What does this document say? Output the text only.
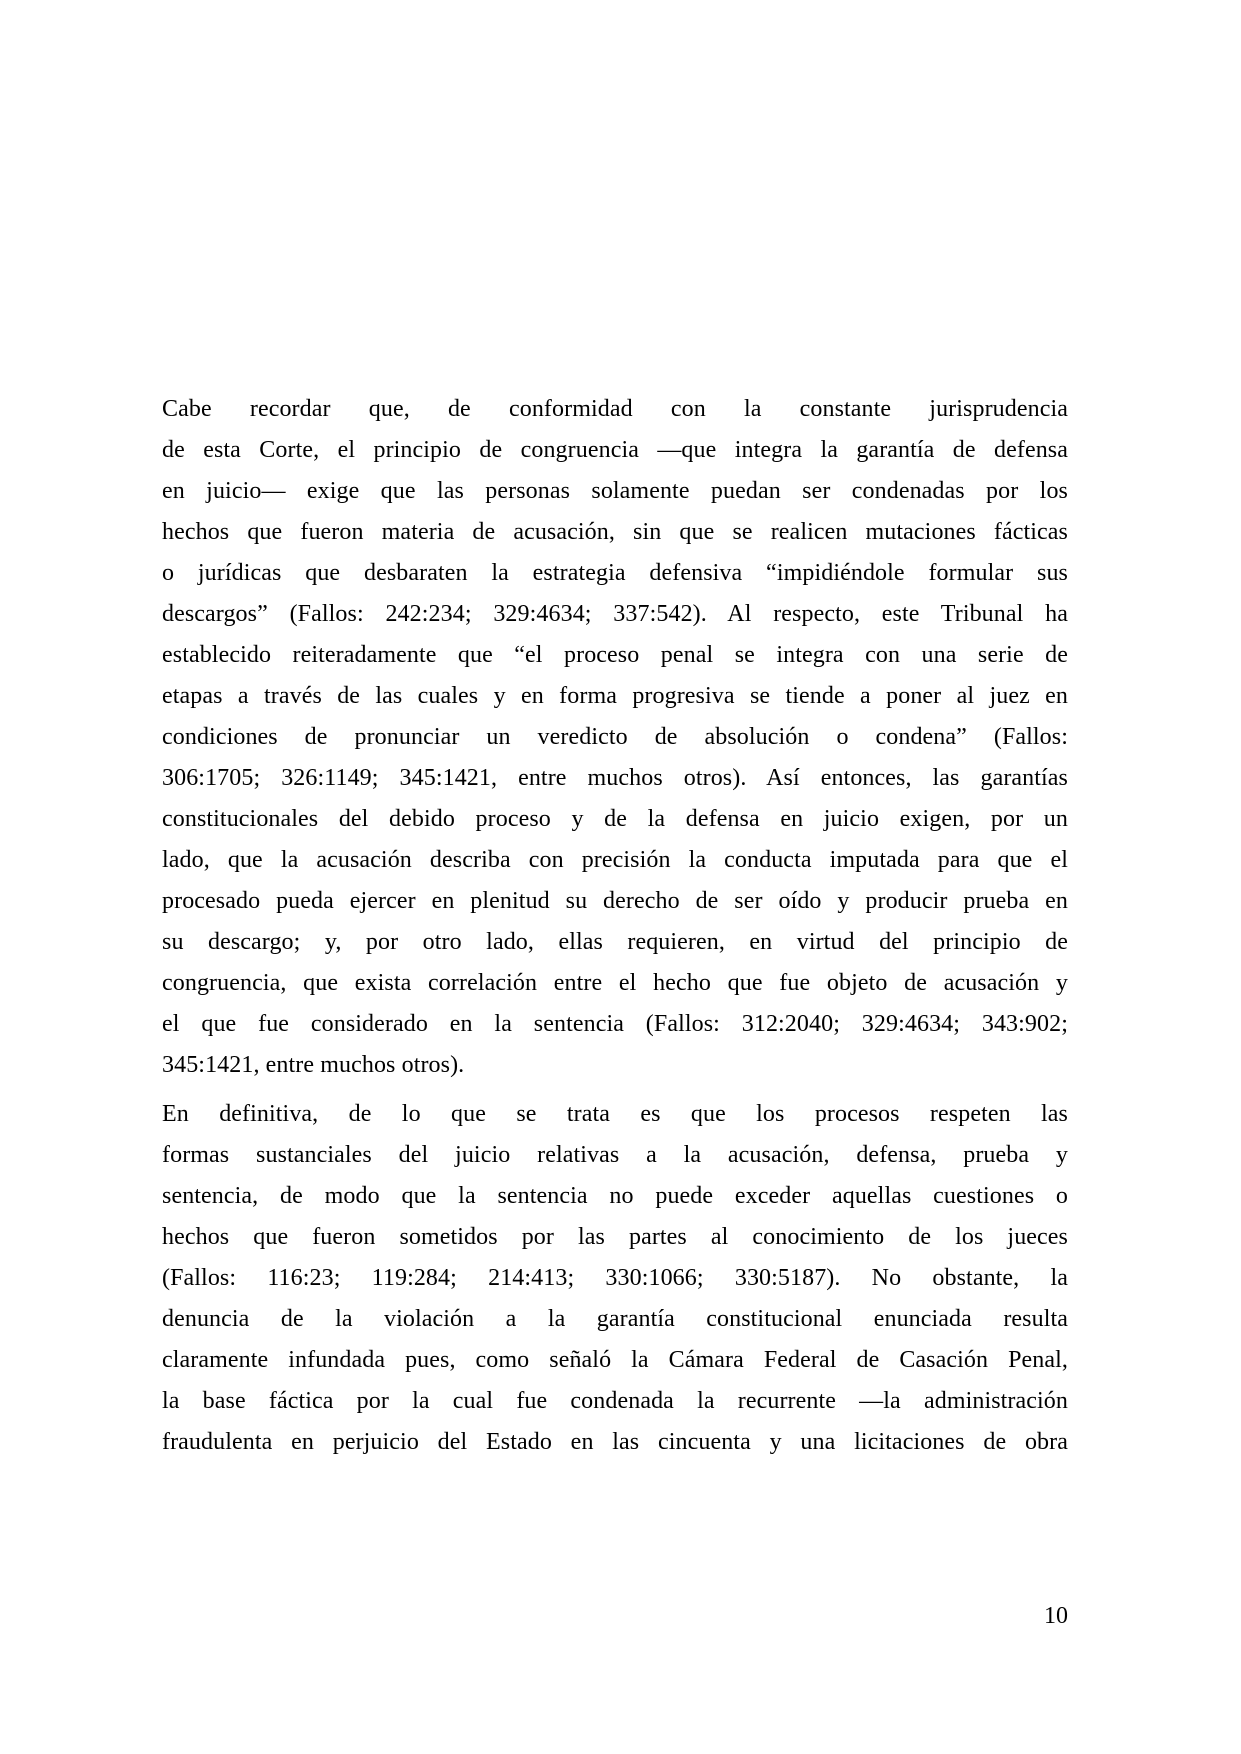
Cabe recordar que, de conformidad con la constante jurisprudencia
de esta Corte, el principio de congruencia —que integra la garantía de defensa
en juicio— exige que las personas solamente puedan ser condenadas por los
hechos que fueron materia de acusación, sin que se realicen mutaciones fácticas
o jurídicas que desbaraten la estrategia defensiva “impidiéndole formular sus
descargos” (Fallos: 242:234; 329:4634; 337:542). Al respecto, este Tribunal ha
establecido reiteradamente que “el proceso penal se integra con una serie de
etapas a través de las cuales y en forma progresiva se tiende a poner al juez en
condiciones de pronunciar un veredicto de absolución o condena” (Fallos:
306:1705; 326:1149; 345:1421, entre muchos otros). Así entonces, las garantías
constitucionales del debido proceso y de la defensa en juicio exigen, por un
lado, que la acusación describa con precisión la conducta imputada para que el
procesado pueda ejercer en plenitud su derecho de ser oído y producir prueba en
su descargo; y, por otro lado, ellas requieren, en virtud del principio de
congruencia, que exista correlación entre el hecho que fue objeto de acusación y
el que fue considerado en la sentencia (Fallos: 312:2040; 329:4634; 343:902;
345:1421, entre muchos otros).
En definitiva, de lo que se trata es que los procesos respeten las
formas sustanciales del juicio relativas a la acusación, defensa, prueba y
sentencia, de modo que la sentencia no puede exceder aquellas cuestiones o
hechos que fueron sometidos por las partes al conocimiento de los jueces
(Fallos: 116:23; 119:284; 214:413; 330:1066; 330:5187). No obstante, la
denuncia de la violación a la garantía constitucional enunciada resulta
claramente infundada pues, como señaló la Cámara Federal de Casación Penal,
la base fáctica por la cual fue condenada la recurrente —la administración
fraudulenta en perjuicio del Estado en las cincuenta y una licitaciones de obra
10
